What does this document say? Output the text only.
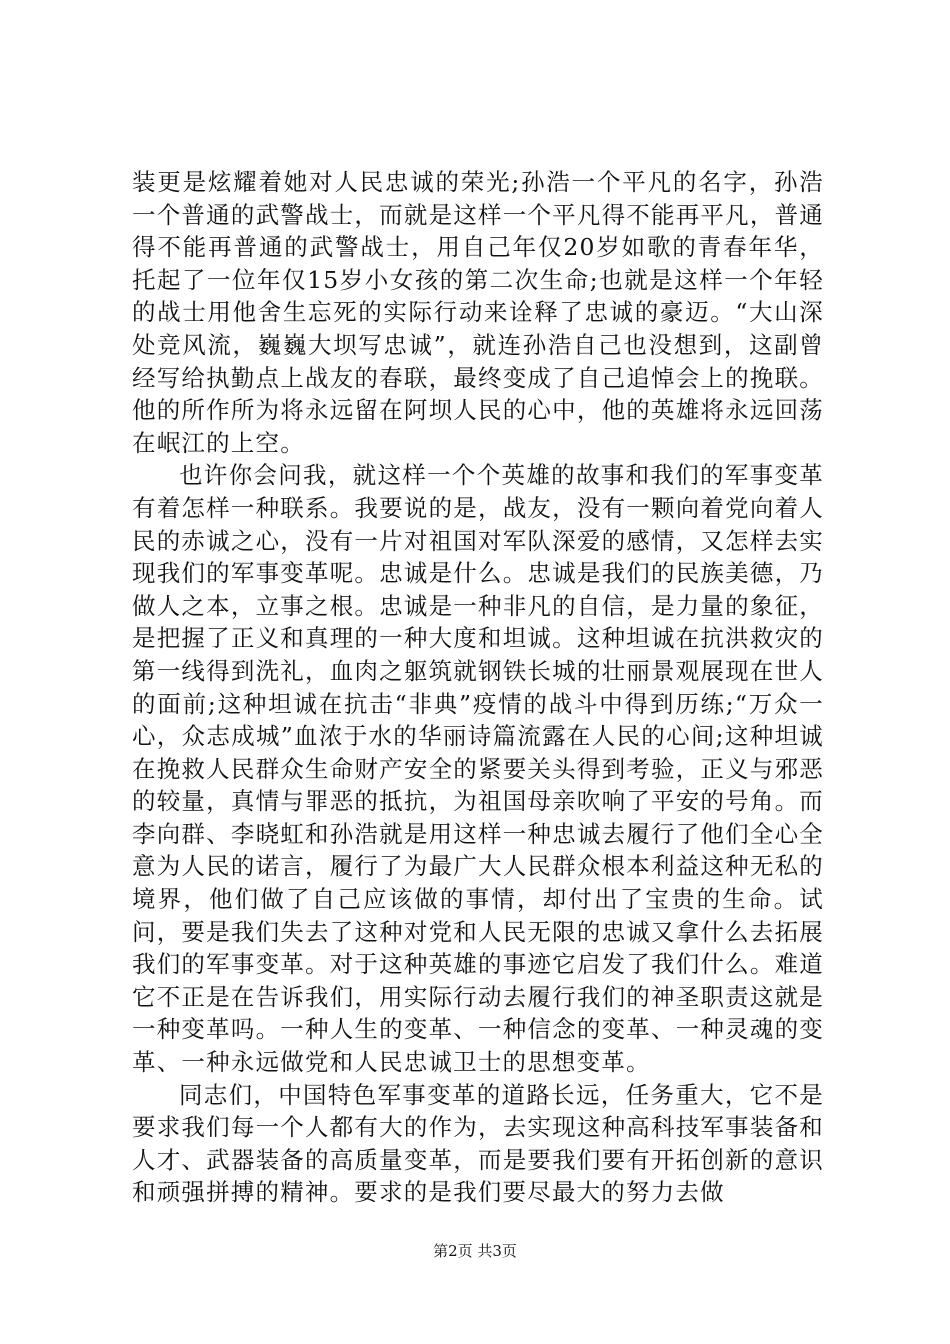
装更是炫耀着她对人民忠诚的荣光;孙浩一个平凡的名字，孙浩一个普通的武警战士，而就是这样一个平凡得不能再平凡，普通得不能再普通的武警战士，用自己年仅20岁如歌的青春年华，托起了一位年仅15岁小女孩的第二次生命;也就是这样一个年轻的战士用他舍生忘死的实际行动来诠释了忠诚的豪迈。“大山深处竞风流，巍巍大坝写忠诚”，就连孙浩自己也没想到，这副曾经写给执勤点上战友的春联，最终变成了自己追悼会上的挽联。他的所作所为将永远留在阿坝人民的心中，他的英雄将永远回荡在岷江的上空。

也许你会问我，就这样一个个英雄的故事和我们的军事变革有着怎样一种联系。我要说的是，战友，没有一颗向着党向着人民的赤诚之心，没有一片对祖国对军队深爱的感情，又怎样去实现我们的军事变革呢。忠诚是什么。忠诚是我们的民族美德，乃做人之本，立事之根。忠诚是一种非凡的自信，是力量的象征，是把握了正义和真理的一种大度和坦诚。这种坦诚在抗洪救灾的第一线得到洗礼，血肉之躯筑就钢铁长城的壮丽景观展现在世人的面前;这种坦诚在抗击“非典”疫情的战斗中得到历练;“万众一心，众志成城”血浓于水的华丽诗篇流露在人民的心间;这种坦诚在挽救人民群众生命财产安全的紧要关头得到考验，正义与邪恶的较量，真情与罪恶的抵抗，为祖国母亲吹响了平安的号角。而李向群、李晓虹和孙浩就是用这样一种忠诚去履行了他们全心全意为人民的诺言，履行了为最广大人民群众根本利益这种无私的境界，他们做了自己应该做的事情，却付出了宝贵的生命。试问，要是我们失去了这种对党和人民无限的忠诚又拿什么去拓展我们的军事变革。对于这种英雄的事迹它启发了我们什么。难道它不正是在告诉我们，用实际行动去履行我们的神圣职责这就是一种变革吗。一种人生的变革、一种信念的变革、一种灵魂的变革、一种永远做党和人民忠诚卫士的思想变革。

同志们，中国特色军事变革的道路长远，任务重大，它不是要求我们每一个人都有大的作为，去实现这种高科技军事装备和人才、武器装备的高质量变革，而是要我们要有开拓创新的意识和顽强拼搏的精神。要求的是我们要尽最大的努力去做

第2页 共3页
